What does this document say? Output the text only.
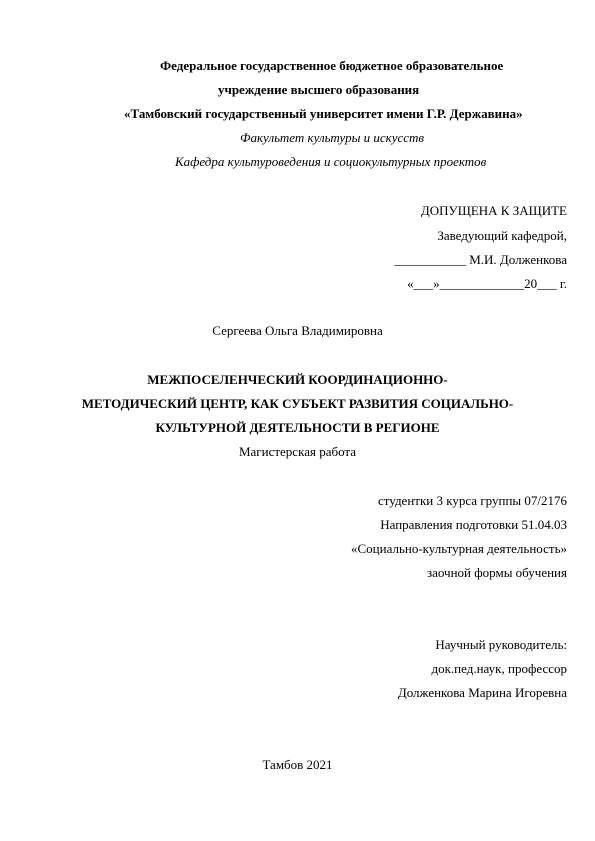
Федеральное государственное бюджетное образовательное
учреждение высшего образования
«Тамбовский государственный университет имени Г.Р. Державина»
Факультет культуры и искусств
Кафедра культуроведения и социокультурных проектов
ДОПУЩЕНА К ЗАЩИТЕ
Заведующий кафедрой,
___________ М.И. Долженкова
«___»_____________20___ г.
Сергеева Ольга Владимировна
МЕЖПОСЕЛЕНЧЕСКИЙ КООРДИНАЦИОННО-
МЕТОДИЧЕСКИЙ ЦЕНТР, КАК СУБЪЕКТ РАЗВИТИЯ СОЦИАЛЬНО-
КУЛЬТУРНОЙ ДЕЯТЕЛЬНОСТИ В РЕГИОНЕ
Магистерская работа
студентки 3 курса группы 07/2176
Направления подготовки 51.04.03
«Социально-культурная деятельность»
заочной формы обучения
Научный руководитель:
док.пед.наук, профессор
Долженкова Марина Игоревна
Тамбов 2021
